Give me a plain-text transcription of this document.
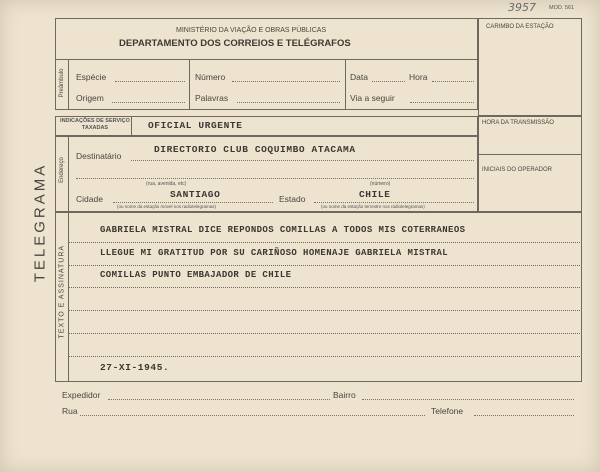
3957 MOD. 561
MINISTÉRIO DA VIAÇÃO E OBRAS PÚBLICAS
DEPARTAMENTO DOS CORREIOS E TELÉGRAFOS
CARIMBO DA ESTAÇÃO
Preâmbulo Espécie	Número	Data	Hora
Origem	Palavras	Via a seguir
INDICAÇÕES DE SERVIÇO TAXADAS	OFICIAL URGENTE	HORA DA TRANSMISSÃO
INICIAIS DO OPERADOR
Endereço
Destinatário
DIRECTORIO CLUB COQUIMBO ATACAMA
(rua, avenida, etc)	(número)
Cidade	SANTIAGO
(ou nome da estação móvel nos radiotelegramas)
Estado	CHILE
(ou nome da estação terrestre nos radiotelegramas)
TELEGRAMA
TEXTO E ASSINATURA
GABRIELA MISTRAL DICE REPONDOS COMILLAS A TODOS MIS COTERRANEOS
LLEGUE MI GRATITUD POR SU CARIÑOSO HOMENAJE GABRIELA MISTRAL
COMILLAS PUNTO EMBAJADOR DE CHILE
27-XI-1945.
Expedidor	Bairro
Rua	Telefone
